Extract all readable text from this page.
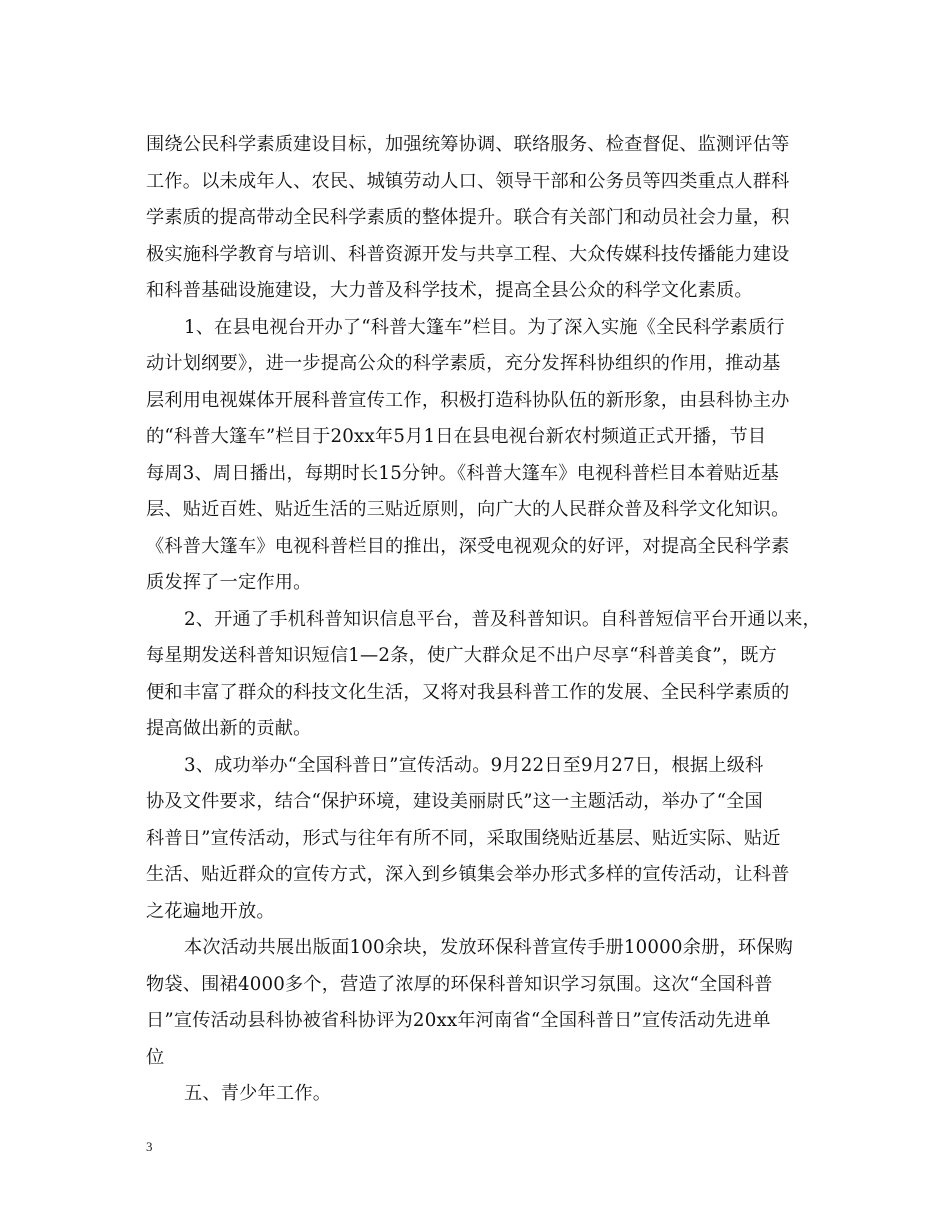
围绕公民科学素质建设目标，加强统筹协调、联络服务、检查督促、监测评估等
工作。以未成年人、农民、城镇劳动人口、领导干部和公务员等四类重点人群科
学素质的提高带动全民科学素质的整体提升。联合有关部门和动员社会力量，积
极实施科学教育与培训、科普资源开发与共享工程、大众传媒科技传播能力建设
和科普基础设施建设，大力普及科学技术，提高全县公众的科学文化素质。

1、在县电视台开办了“科普大篷车”栏目。为了深入实施《全民科学素质行
动计划纲要》，进一步提高公众的科学素质，充分发挥科协组织的作用，推动基
层利用电视媒体开展科普宣传工作，积极打造科协队伍的新形象，由县科协主办
的“科普大篷车”栏目于20xx年5月1日在县电视台新农村频道正式开播，节目
每周3、周日播出，每期时长15分钟。《科普大篷车》电视科普栏目本着贴近基
层、贴近百姓、贴近生活的三贴近原则，向广大的人民群众普及科学文化知识。
《科普大篷车》电视科普栏目的推出，深受电视观众的好评，对提高全民科学素
质发挥了一定作用。

2、开通了手机科普知识信息平台，普及科普知识。自科普短信平台开通以来，
每星期发送科普知识短信1—2条，使广大群众足不出户尽享“科普美食”，既方
便和丰富了群众的科技文化生活，又将对我县科普工作的发展、全民科学素质的
提高做出新的贡献。

3、成功举办“全国科普日”宣传活动。9月22日至9月27日，根据上级科
协及文件要求，结合“保护环境，建设美丽尉氏”这一主题活动，举办了“全国
科普日”宣传活动，形式与往年有所不同，采取围绕贴近基层、贴近实际、贴近
生活、贴近群众的宣传方式，深入到乡镇集会举办形式多样的宣传活动，让科普
之花遍地开放。

本次活动共展出版面100余块，发放环保科普宣传手册10000余册，环保购
物袋、围裙4000多个，营造了浓厚的环保科普知识学习氛围。这次“全国科普
日”宣传活动县科协被省科协评为20xx年河南省“全国科普日”宣传活动先进单
位

五、青少年工作。

3
